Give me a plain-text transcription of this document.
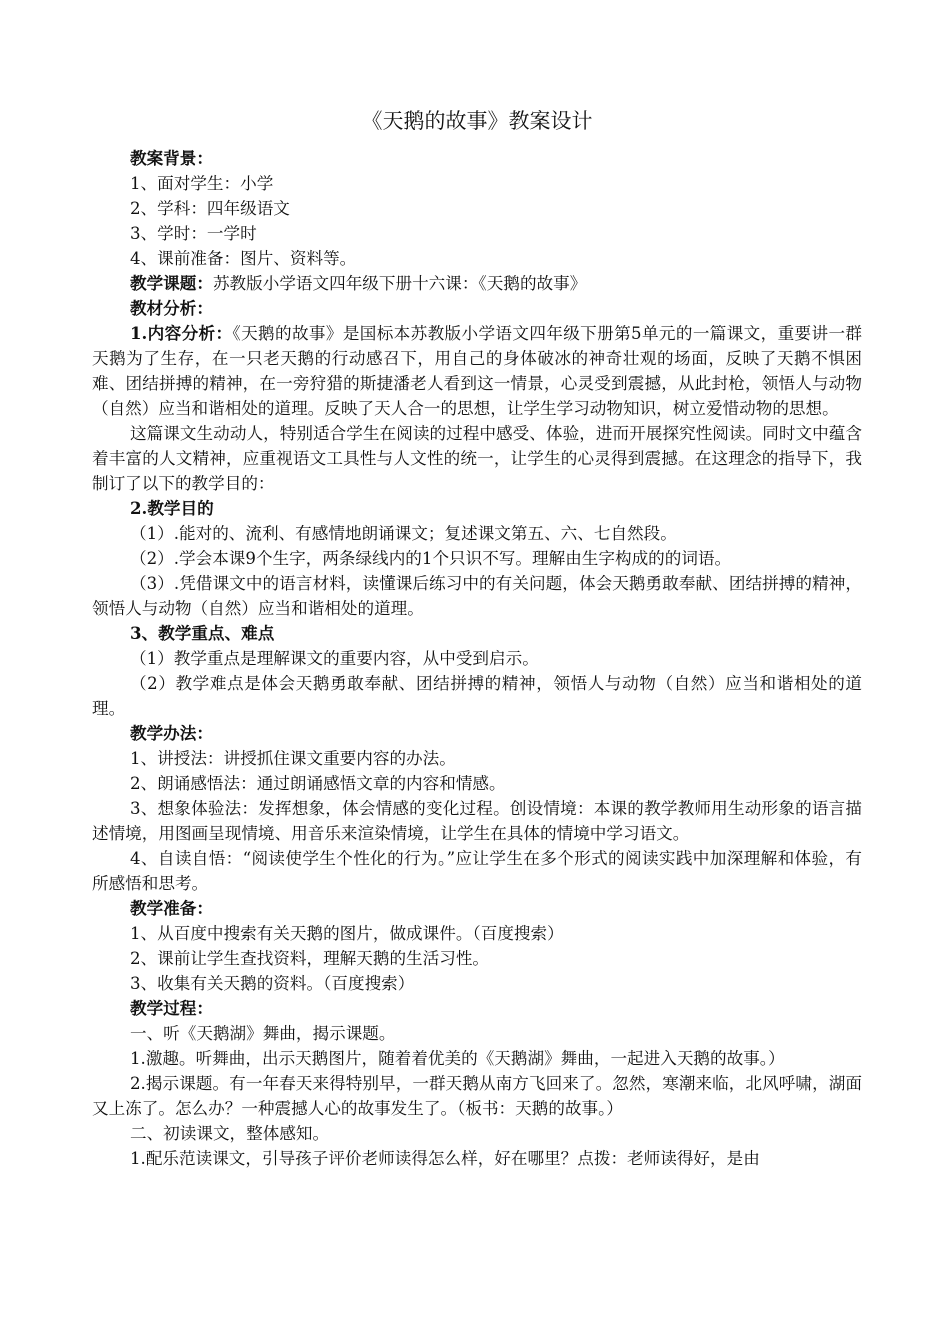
《天鹅的故事》教案设计

教案背景：

1、面对学生：小学

2、学科：四年级语文

3、学时：一学时

4、课前准备：图片、资料等。

教学课题：苏教版小学语文四年级下册十六课：《天鹅的故事》

教材分析：

1.内容分析：《天鹅的故事》是国标本苏教版小学语文四年级下册第5单元的一篇课文，重要讲一群天鹅为了生存，在一只老天鹅的行动感召下，用自己的身体破冰的神奇壮观的场面，反映了天鹅不惧困难、团结拼搏的精神，在一旁狩猎的斯捷潘老人看到这一情景，心灵受到震撼，从此封枪，领悟人与动物（自然）应当和谐相处的道理。反映了天人合一的思想，让学生学习动物知识，树立爱惜动物的思想。

这篇课文生动动人，特别适合学生在阅读的过程中感受、体验，进而开展探究性阅读。同时文中蕴含着丰富的人文精神，应重视语文工具性与人文性的统一，让学生的心灵得到震撼。在这理念的指导下，我制订了以下的教学目的：

2.教学目的

（1）.能对的、流利、有感情地朗诵课文；复述课文第五、六、七自然段。

（2）.学会本课9个生字，两条绿线内的1个只识不写。理解由生字构成的的词语。

（3）.凭借课文中的语言材料，读懂课后练习中的有关问题，体会天鹅勇敢奉献、团结拼搏的精神，领悟人与动物（自然）应当和谐相处的道理。

3、教学重点、难点

（1）教学重点是理解课文的重要内容，从中受到启示。

（2）教学难点是体会天鹅勇敢奉献、团结拼搏的精神，领悟人与动物（自然）应当和谐相处的道理。

教学办法：

1、讲授法：讲授抓住课文重要内容的办法。

2、朗诵感悟法：通过朗诵感悟文章的内容和情感。

3、想象体验法：发挥想象，体会情感的变化过程。创设情境：本课的教学教师用生动形象的语言描述情境，用图画呈现情境、用音乐来渲染情境，让学生在具体的情境中学习语文。

4、自读自悟：“阅读使学生个性化的行为。”应让学生在多个形式的阅读实践中加深理解和体验，有所感悟和思考。

教学准备：

1、从百度中搜索有关天鹅的图片，做成课件。（百度搜索）

2、课前让学生查找资料，理解天鹅的生活习性。

3、收集有关天鹅的资料。（百度搜索）

教学过程：

一、听《天鹅湖》舞曲，揭示课题。

1.激趣。听舞曲，出示天鹅图片，随着着优美的《天鹅湖》舞曲，一起进入天鹅的故事。）

2.揭示课题。有一年春天来得特别早，一群天鹅从南方飞回来了。忽然，寒潮来临，北风呼啸，湖面又上冻了。怎么办？一种震撼人心的故事发生了。（板书：天鹅的故事。）

二、初读课文，整体感知。

1.配乐范读课文，引导孩子评价老师读得怎么样，好在哪里？点拨：老师读得好，是由
